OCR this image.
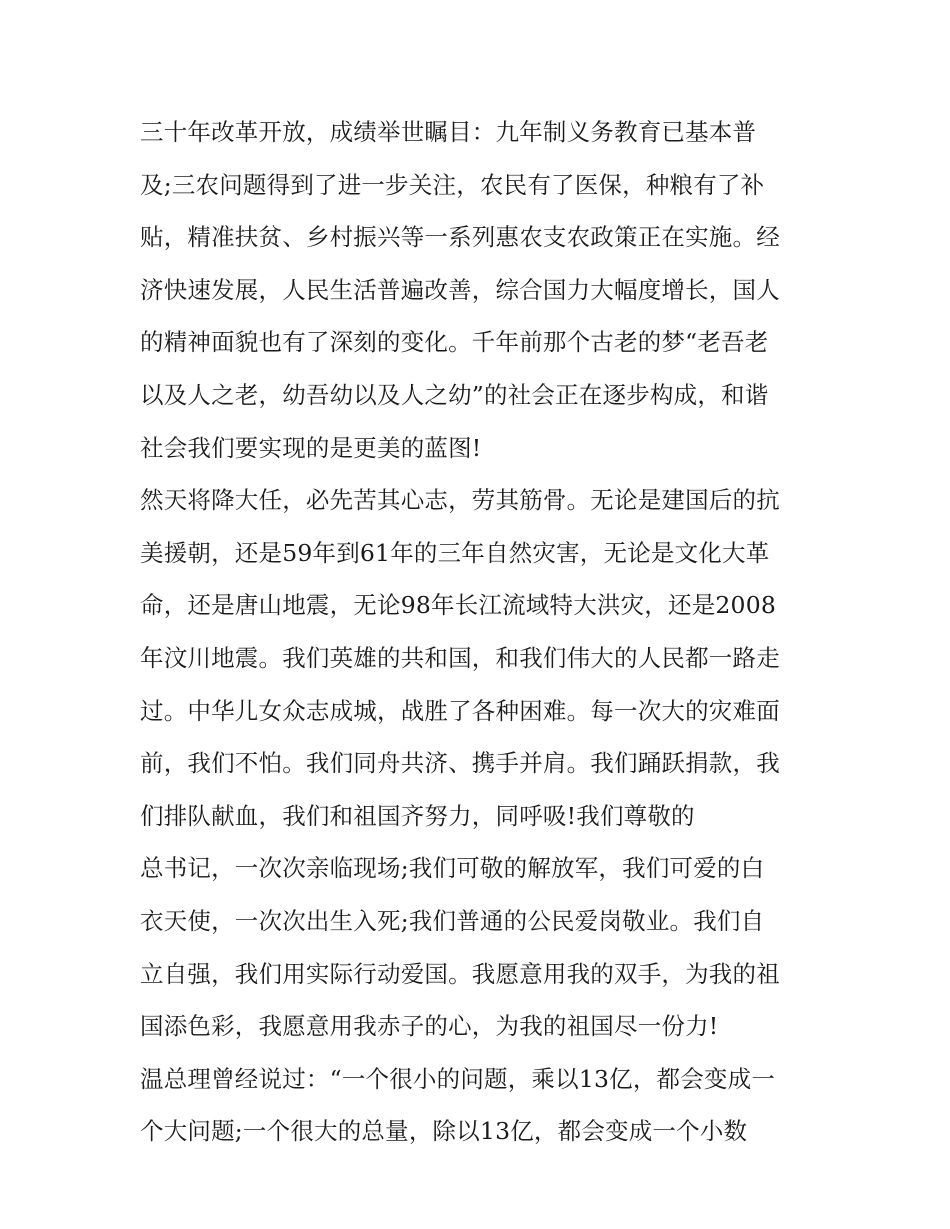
三十年改革开放，成绩举世瞩目：九年制义务教育已基本普
及;三农问题得到了进一步关注，农民有了医保，种粮有了补
贴，精准扶贫、乡村振兴等一系列惠农支农政策正在实施。经
济快速发展，人民生活普遍改善，综合国力大幅度增长，国人
的精神面貌也有了深刻的变化。千年前那个古老的梦“老吾老
以及人之老，幼吾幼以及人之幼”的社会正在逐步构成，和谐
社会我们要实现的是更美的蓝图!
然天将降大任，必先苦其心志，劳其筋骨。无论是建国后的抗
美援朝，还是59年到61年的三年自然灾害，无论是文化大革
命，还是唐山地震，无论98年长江流域特大洪灾，还是2008
年汶川地震。我们英雄的共和国，和我们伟大的人民都一路走
过。中华儿女众志成城，战胜了各种困难。每一次大的灾难面
前，我们不怕。我们同舟共济、携手并肩。我们踊跃捐款，我
们排队献血，我们和祖国齐努力，同呼吸!我们尊敬的
总书记，一次次亲临现场;我们可敬的解放军，我们可爱的白
衣天使，一次次出生入死;我们普通的公民爱岗敬业。我们自
立自强，我们用实际行动爱国。我愿意用我的双手，为我的祖
国添色彩，我愿意用我赤子的心，为我的祖国尽一份力!
温总理曾经说过：“一个很小的问题，乘以13亿，都会变成一
个大问题;一个很大的总量，除以13亿，都会变成一个小数
